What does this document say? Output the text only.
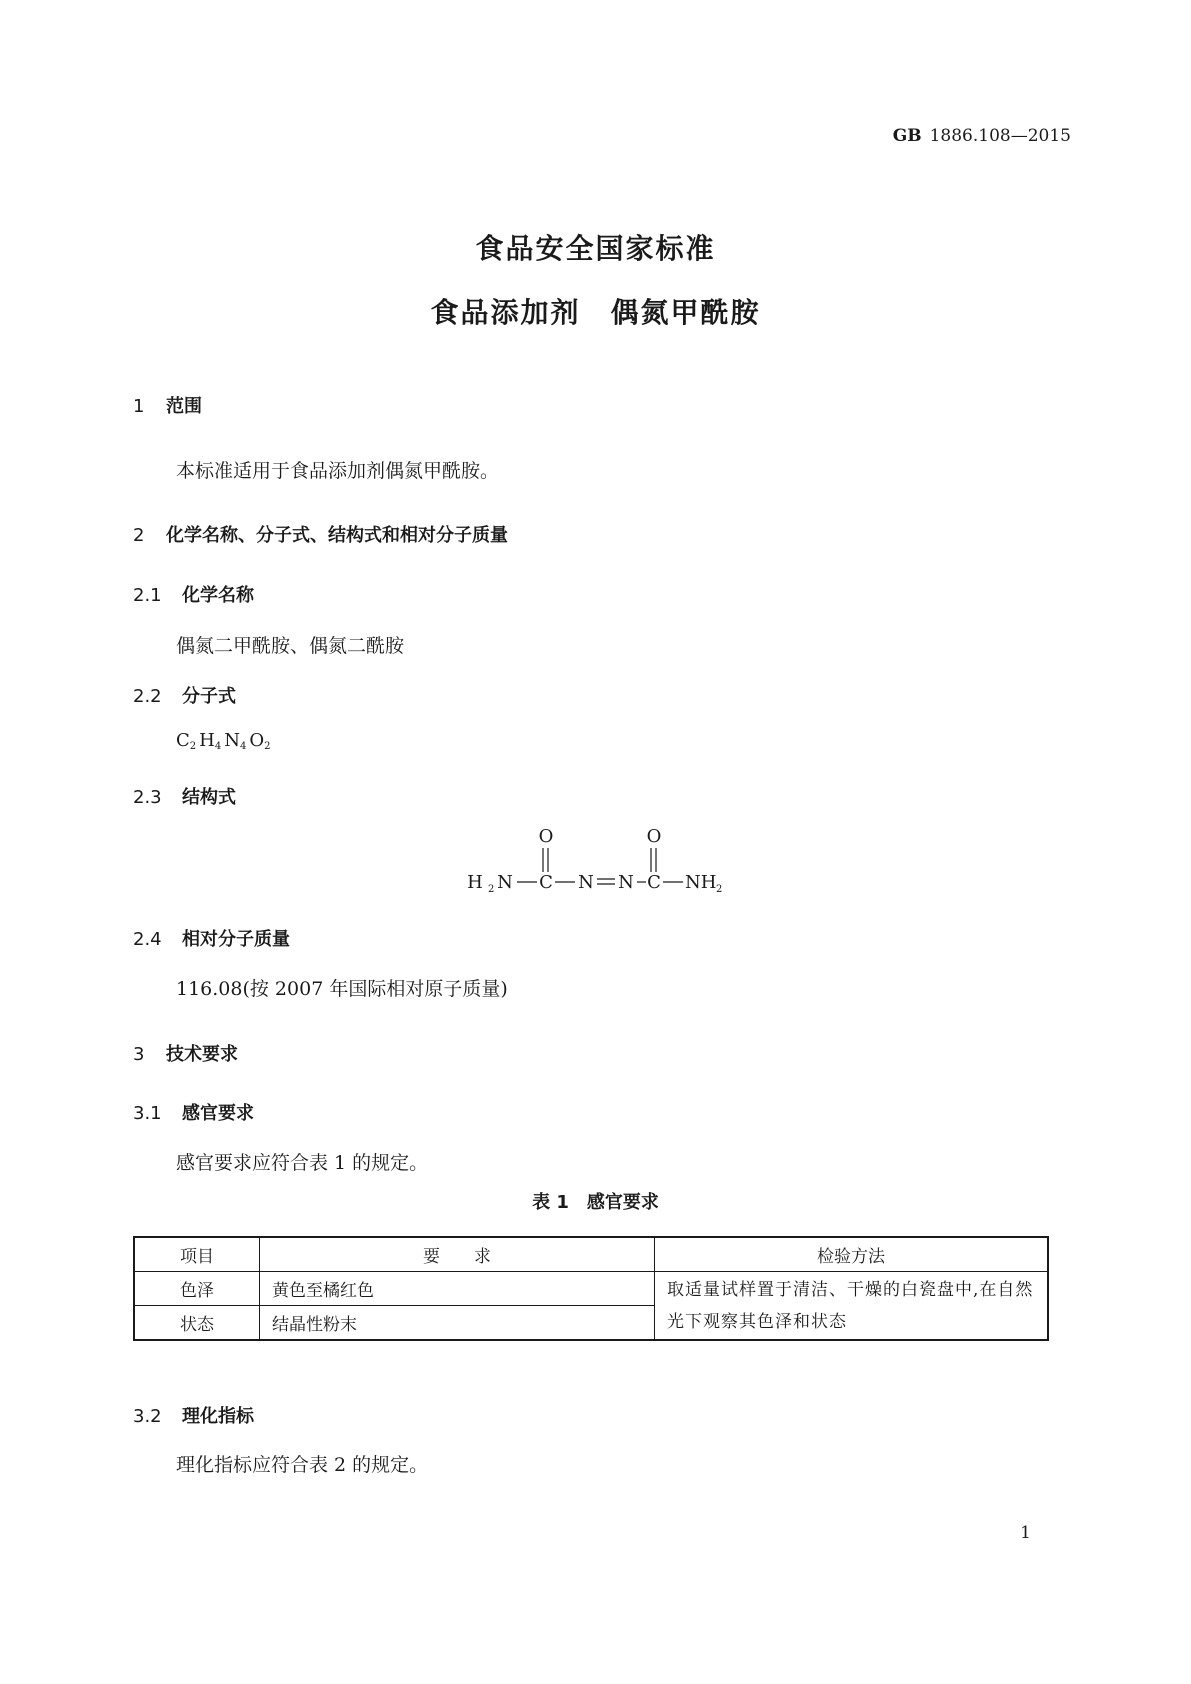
GB 1886.108—2015
食品安全国家标准
食品添加剂　偶氮甲酰胺
1 范围
本标准适用于食品添加剂偶氮甲酰胺。
2 化学名称、分子式、结构式和相对分子质量
2.1 化学名称
偶氮二甲酰胺、偶氮二酰胺
2.2 分子式
$C_2$ $H_4$ $N_4$ $O_2$
2.3 结构式
O	O
H 2 N C N N C NH 2
2.4 相对分子质量
116.08(按 2007 年国际相对原子质量)
3 技术要求
3.1 感官要求
感官要求应符合表 1 的规定。
表 1　感官要求
项目	要　　求	检验方法
色泽	黄色至橘红色	取适量试样置于清洁、干燥的白瓷盘中,在自然
光下观察其色泽和状态

状态	结晶性粉末	
3.2 理化指标
理化指标应符合表 2 的规定。
1
